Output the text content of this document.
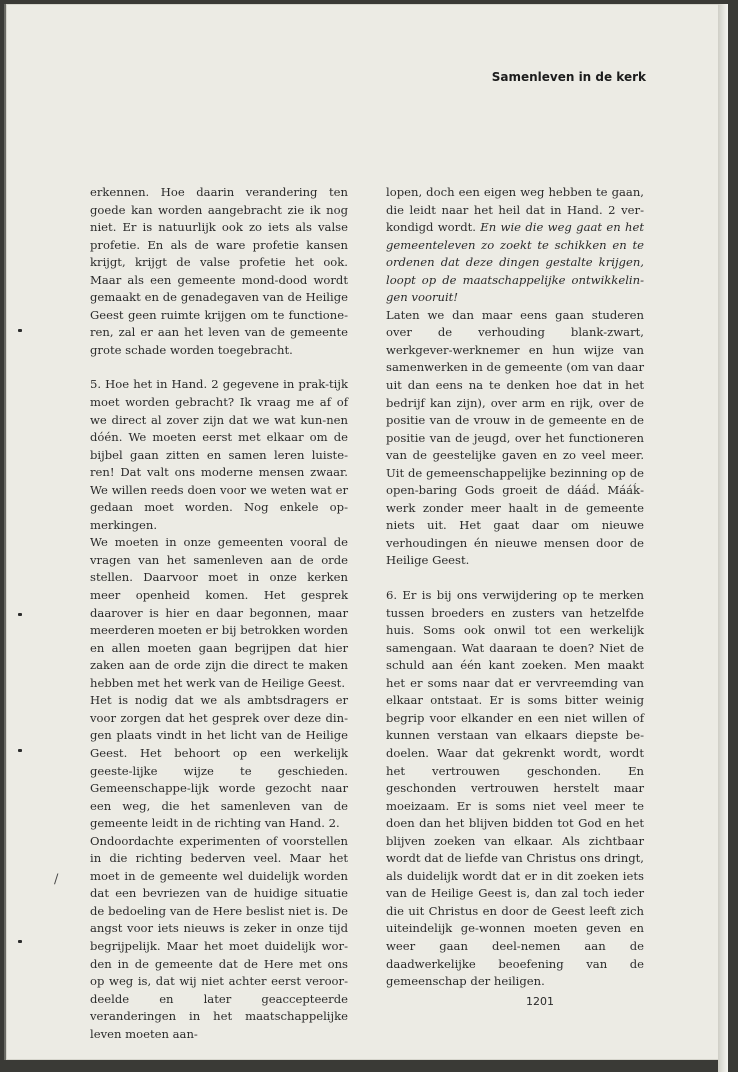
Samenleven in de kerk

erkennen. Hoe daarin verandering ten goede kan worden aangebracht zie ik nog niet. Er is natuurlijk ook zo iets als valse profetie. En als de ware profetie kansen krijgt, krijgt de valse profetie het ook. Maar als een gemeente mond-dood wordt gemaakt en de genadegaven van de Heilige Geest geen ruimte krijgen om te functione-ren, zal er aan het leven van de gemeente grote schade worden toegebracht.

5. Hoe het in Hand. 2 gegevene in prak-tijk moet worden gebracht? Ik vraag me af of we direct al zover zijn dat we wat kun-nen dóén. We moeten eerst met elkaar om de bijbel gaan zitten en samen leren luiste-ren! Dat valt ons moderne mensen zwaar. We willen reeds doen voor we weten wat er gedaan moet worden. Nog enkele op-merkingen.

We moeten in onze gemeenten vooral de vragen van het samenleven aan de orde stellen. Daarvoor moet in onze kerken meer openheid komen. Het gesprek daarover is hier en daar begonnen, maar meerderen moeten er bij betrokken worden en allen moeten gaan begrijpen dat hier zaken aan de orde zijn die direct te maken hebben met het werk van de Heilige Geest.

Het is nodig dat we als ambtsdragers er voor zorgen dat het gesprek over deze din-gen plaats vindt in het licht van de Heilige Geest. Het behoort op een werkelijk geeste-lijke wijze te geschieden. Gemeenschappe-lijk worde gezocht naar een weg, die het samenleven van de gemeente leidt in de richting van Hand. 2.

Ondoordachte experimenten of voorstellen in die richting bederven veel. Maar het moet in de gemeente wel duidelijk worden dat een bevriezen van de huidige situatie de bedoeling van de Here beslist niet is. De angst voor iets nieuws is zeker in onze tijd begrijpelijk. Maar het moet duidelijk wor-den in de gemeente dat de Here met ons op weg is, dat wij niet achter eerst veroor-deelde en later geaccepteerde veranderingen in het maatschappelijke leven moeten aan-

lopen, doch een eigen weg hebben te gaan, die leidt naar het heil dat in Hand. 2 ver-kondigd wordt. En wie die weg gaat en het gemeenteleven zo zoekt te schikken en te ordenen dat deze dingen gestalte krijgen, loopt op de maatschappelijke ontwikkelin-gen vooruit!

Laten we dan maar eens gaan studeren over de verhouding blank-zwart, werkgever-werknemer en hun wijze van samenwerken in de gemeente (om van daar uit dan eens na te denken hoe dat in het bedrijf kan zijn), over arm en rijk, over de positie van de vrouw in de gemeente en de positie van de jeugd, over het functioneren van de geestelijke gaven en zo veel meer. Uit de gemeenschappelijke bezinning op de open-baring Gods groeit de dááḋ. Mááḱ-werk zonder meer haalt in de gemeente niets uit. Het gaat daar om nieuwe verhoudingen én nieuwe mensen door de Heilige Geest.

6. Er is bij ons verwijdering op te merken tussen broeders en zusters van hetzelfde huis. Soms ook onwil tot een werkelijk samengaan. Wat daaraan te doen? Niet de schuld aan één kant zoeken. Men maakt het er soms naar dat er vervreemding van elkaar ontstaat. Er is soms bitter weinig begrip voor elkander en een niet willen of kunnen verstaan van elkaars diepste be-doelen. Waar dat gekrenkt wordt, wordt het vertrouwen geschonden. En geschonden vertrouwen herstelt maar moeizaam. Er is soms niet veel meer te doen dan het blijven bidden tot God en het blijven zoeken van elkaar. Als zichtbaar wordt dat de liefde van Christus ons dringt, als duidelijk wordt dat er in dit zoeken iets van de Heilige Geest is, dan zal toch ieder die uit Christus en door de Geest leeft zich uiteindelijk ge-wonnen moeten geven en weer gaan deel-nemen aan de daadwerkelijke beoefening van de gemeenschap der heiligen.

1201
/
